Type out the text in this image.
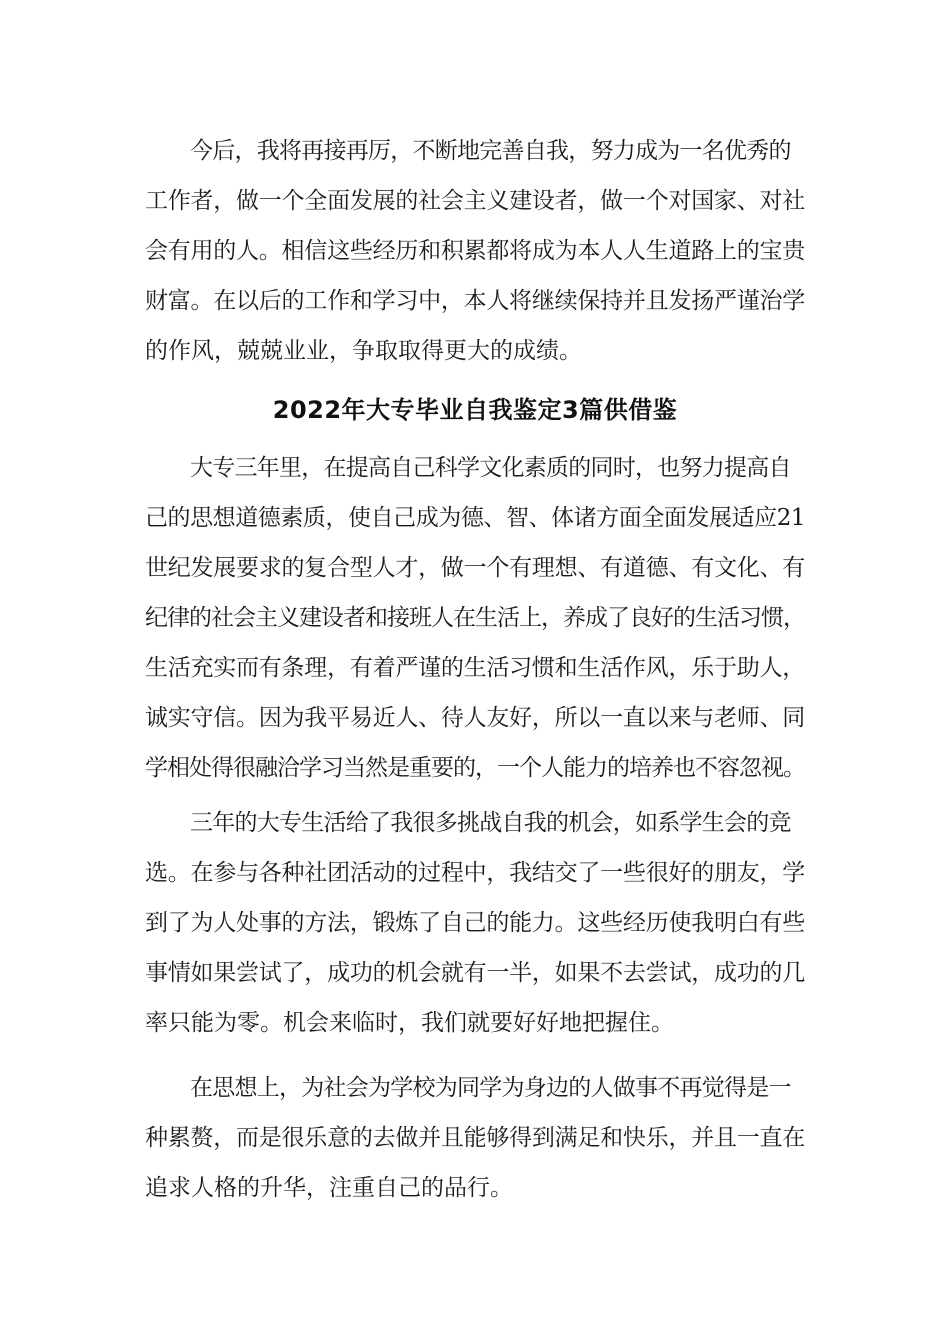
今后，我将再接再厉，不断地完善自我，努力成为一名优秀的
工作者，做一个全面发展的社会主义建设者，做一个对国家、对社
会有用的人。相信这些经历和积累都将成为本人人生道路上的宝贵
财富。在以后的工作和学习中，本人将继续保持并且发扬严谨治学
的作风，兢兢业业，争取取得更大的成绩。
2022年大专毕业自我鉴定3篇供借鉴
大专三年里，在提高自己科学文化素质的同时，也努力提高自
己的思想道德素质，使自己成为德、智、体诸方面全面发展适应21
世纪发展要求的复合型人才，做一个有理想、有道德、有文化、有
纪律的社会主义建设者和接班人在生活上，养成了良好的生活习惯，
生活充实而有条理，有着严谨的生活习惯和生活作风，乐于助人，
诚实守信。因为我平易近人、待人友好，所以一直以来与老师、同
学相处得很融洽学习当然是重要的，一个人能力的培养也不容忽视。
三年的大专生活给了我很多挑战自我的机会，如系学生会的竞
选。在参与各种社团活动的过程中，我结交了一些很好的朋友，学
到了为人处事的方法，锻炼了自己的能力。这些经历使我明白有些
事情如果尝试了，成功的机会就有一半，如果不去尝试，成功的几
率只能为零。机会来临时，我们就要好好地把握住。
在思想上，为社会为学校为同学为身边的人做事不再觉得是一
种累赘，而是很乐意的去做并且能够得到满足和快乐，并且一直在
追求人格的升华，注重自己的品行。
